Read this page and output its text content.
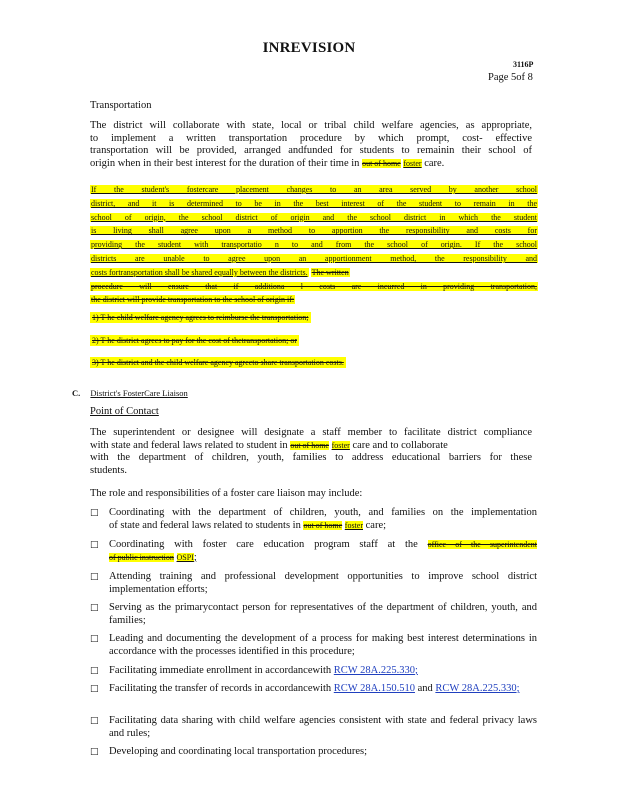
INREVISION
3116P
Page 5of 8
Transportation
The district will collaborate with state, local or tribal child welfare agencies, as appropriate,
to implement a written transportation procedure by which prompt, cost- effective
transportation will be provided, arranged andfunded for students to remainin their school of
origin when in their best interest for the duration of their time in out of home foster care.
If the student's fostercare placement changes to an area served by another school
district, and it is determined to be in the best interest of the student to remain in the
school of origin, the school district of origin and the school district in which the student
is living shall agree upon a method to apportion the responsibility and costs for
providing the student with transportatio n to and from the school of origin. If the school
districts are unable to agree upon an apportionment method, the responsibility and
costs fortransportation shall be shared equally between the districts. The written
procedure will ensure that if additiona l costs are incurred in providing transportation,
the district will provide transportation to the school of origin if:
1) T he child welfare agency agrees to reimburse the transportation;
2) T he district agrees to pay for the cost of thetransportation; or
3) T he district and the child welfare agency agreeto share transportation costs.
C. District's FosterCare Liaison
Point of Contact
The superintendent or designee will designate a staff member to facilitate district compliance
with state and federal laws related to student in out of home foster care and to collaborate
with the department of children, youth, families to address educational barriers for these
students.
The role and responsibilities of a foster care liaison may include:
□ Coordinating with the department of children, youth, and families on the implementation
of state and federal laws related to students in out of home foster care;
□ Coordinating with foster care education program staff at the office of the superintendent
of public instruction OSPI;
□ Attending training and professional development opportunities to improve school district implementation efforts;
□ Serving as the primarycontact person for representatives of the department of children, youth, and families;
□ Leading and documenting the development of a process for making best interest determinations in accordance with the processes identified in this procedure;
□ Facilitating immediate enrollment in accordancewith RCW 28A.225.330;
□ Facilitating the transfer of records in accordancewith RCW 28A.150.510 and RCW 28A.225.330;
□ Facilitating data sharing with child welfare agencies consistent with state and federal privacy laws and rules;
□ Developing and coordinating local transportation procedures;
